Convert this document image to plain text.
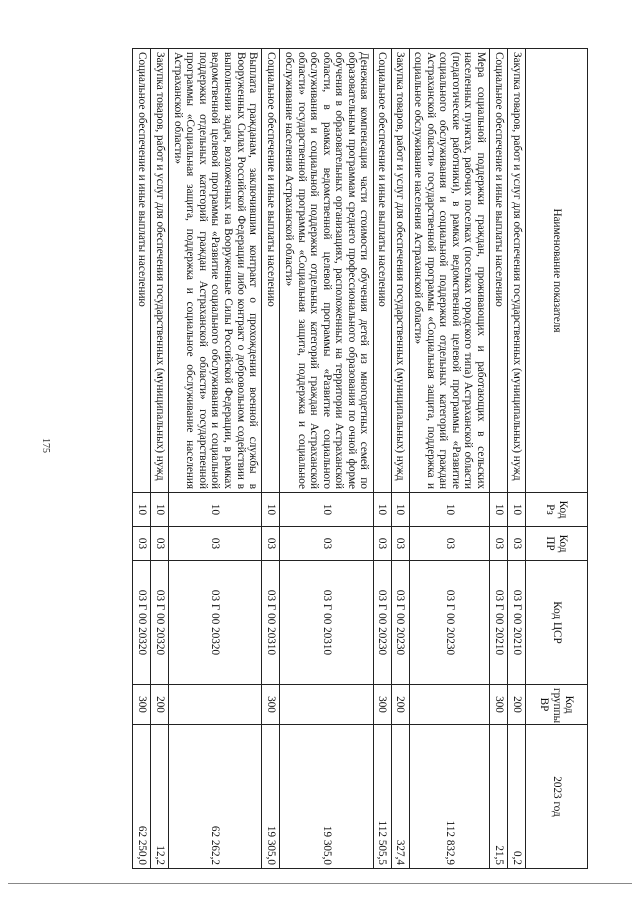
175
Наименование показателя	Код Рз	Код ПР	Код ЦСР	Код группы ВР	2023 год
Закупка товаров, работ и услуг для обеспечения государственных (муниципальных) нужд	10	03	03 Г 00 20210	200	0,2
Социальное обеспечение и иные выплаты населению	10	03	03 Г 00 20210	300	21,5
Мера социальной поддержки граждан, проживающих и работающих в сельских населенных пунктах, рабочих поселках (поселках городского типа) Астраханской области (педагогические работники), в рамках ведомственной целевой программы «Развитие социального обслуживания и социальной поддержки отдельных категорий граждан Астраханской области» государственной программы «Социальная защита, поддержка и социальное обслуживание населения Астраханской области»	10	03	03 Г 00 20230		112 832,9
Закупка товаров, работ и услуг для обеспечения государственных (муниципальных) нужд	10	03	03 Г 00 20230	200	327,4
Социальное обеспечение и иные выплаты населению	10	03	03 Г 00 20230	300	112 505,5
Денежная компенсация части стоимости обучения детей из многодетных семей по образовательным программам среднего профессионального образования по очной форме обучения в образовательных организациях, расположенных на территории Астраханской области, в рамках ведомственной целевой программы «Развитие социального обслуживания и социальной поддержки отдельных категорий граждан Астраханской области» государственной программы «Социальная защита, поддержка и социальное обслуживание населения Астраханской области»	10	03	03 Г 00 20310		19 305,0
Социальное обеспечение и иные выплаты населению	10	03	03 Г 00 20310	300	19 305,0
Выплата гражданам, заключившим контракт о прохождении военной службы в Вооруженных Силах Российской Федерации либо контракт о добровольном содействии в выполнении задач, возложенных на Вооруженные Силы Российской Федерации, в рамках ведомственной целевой программы «Развитие социального обслуживания и социальной поддержки отдельных категорий граждан Астраханской области» государственной программы «Социальная защита, поддержка и социальное обслуживание населения Астраханской области»	10	03	03 Г 00 20320		62 262,2
Закупка товаров, работ и услуг для обеспечения государственных (муниципальных) нужд	10	03	03 Г 00 20320	200	12,2
Социальное обеспечение и иные выплаты населению	10	03	03 Г 00 20320	300	62 250,0
